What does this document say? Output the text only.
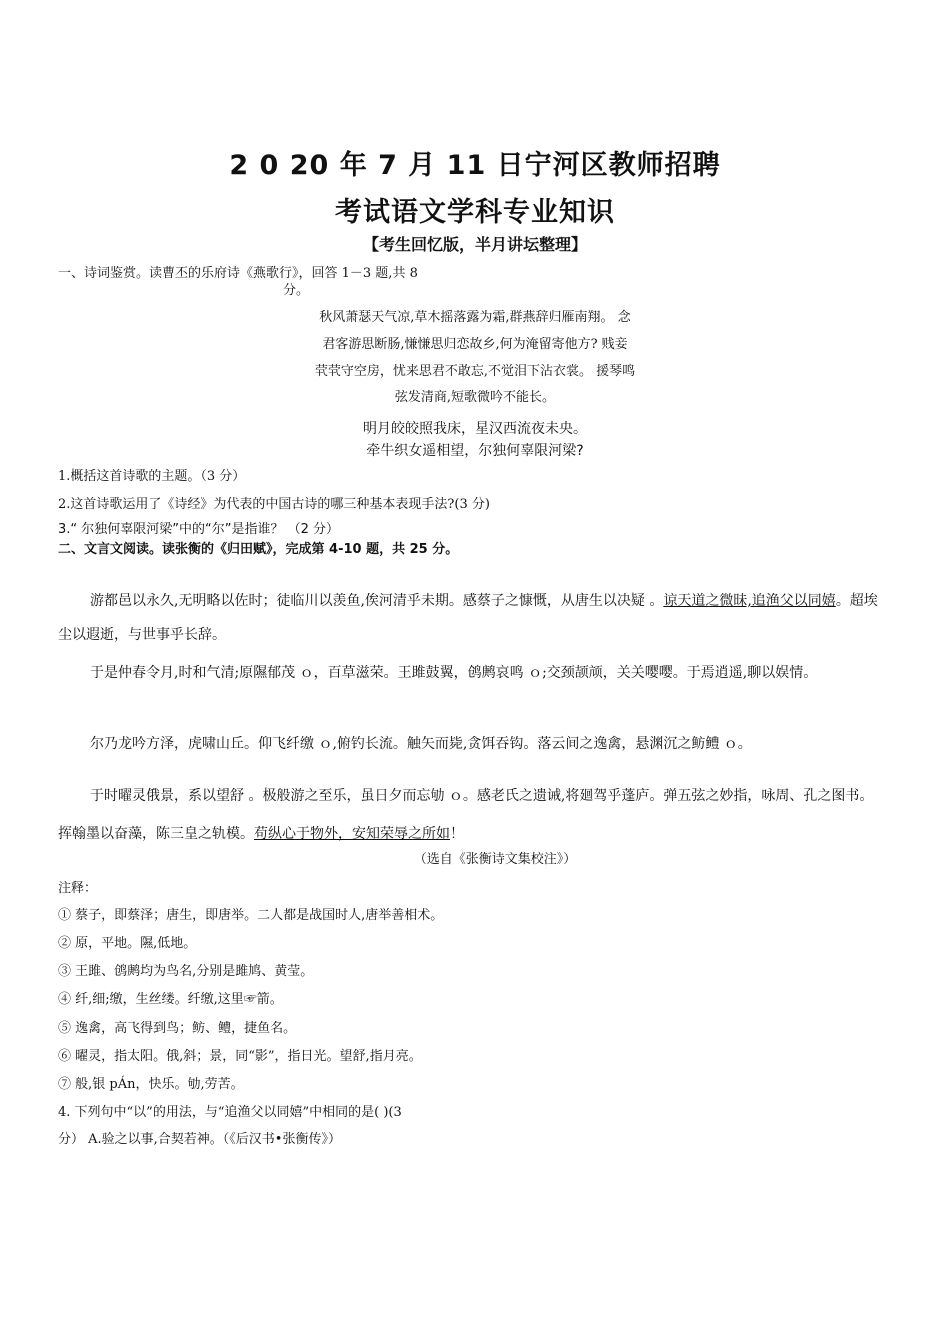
2 0 20 年 7 月 11 日宁河区教师招聘
考试语文学科专业知识
【考生回忆版，半月讲坛整理】
一、诗词鉴赏。读曹丕的乐府诗《燕歌行》，回答 1－3 题,共 8
分。
秋风萧瑟天气凉,草木摇落露为霜,群燕辞归雁南翔。 念
君客游思断肠,慊慊思归恋故乡,何为淹留寄他方? 贱妾
茕茕守空房，忧来思君不敢忘,不觉泪下沾衣裳。 援琴鸣
弦发清商,短歌微吟不能长。
明月皎皎照我床，星汉西流夜未央。
牵牛织女遥相望，尔独何辜限河梁?
1.概括这首诗歌的主题。（3 分）
2.这首诗歌运用了《诗经》为代表的中国古诗的哪三种基本表现手法?(3 分)
3.“ 尔独何辜限河梁”中的“尔”是指谁？ （2 分）
二、文言文阅读。读张衡的《归田赋》，完成第 4-10 题，共 25 分。

游都邑以永久,无明略以佐时；徒临川以羡鱼,俟河清乎未期。感蔡子之慷慨，从唐生以决疑 。谅天道之微昧,追渔父以同嬉。超埃尘以遐逝，与世事乎长辞。

于是仲春令月,时和气清;原隰郁茂 ｏ，百草滋荣。王雎鼓翼，鸧鹒哀鸣 ｏ;交颈颉颃，关关嘤嘤。于焉逍遥,聊以娱情。

尔乃龙吟方泽，虎啸山丘。仰飞纤缴 ｏ,俯钓长流。触矢而毙,贪饵吞钩。落云间之逸禽，悬渊沉之鲂鳢 ｏ。

于时曜灵俄景，系以望舒 。极般游之至乐，虽日夕而忘劬 ｏ。感老氏之遗诫,将廻驾乎蓬庐。弹五弦之妙指，咏周、孔之图书。挥翰墨以奋藻，陈三皇之轨模。苟纵心于物外，安知荣辱之所如！

（选自《张衡诗文集校注》）
注释：
① 蔡子，即蔡泽；唐生，即唐举。二人都是战国时人,唐举善相术。
② 原，平地。隰,低地。
③ 王雎、鸧鹒均为鸟名,分别是雎鸠、黄莹。
④ 纤,细;缴，生丝缕。纤缴,这里☞箭。
⑤ 逸禽，高飞得到鸟；鲂、鳢，捷鱼名。
⑥ 曜灵，指太阳。俄,斜；景，同“影”，指日光。望舒,指月亮。
⑦ 般,银 pÁn，快乐。劬,劳苦。
4. 下列句中“以”的用法，与“追渔父以同嬉”中相同的是( )(3
分） A.验之以事,合契若神。（《后汉书•张衡传》）
